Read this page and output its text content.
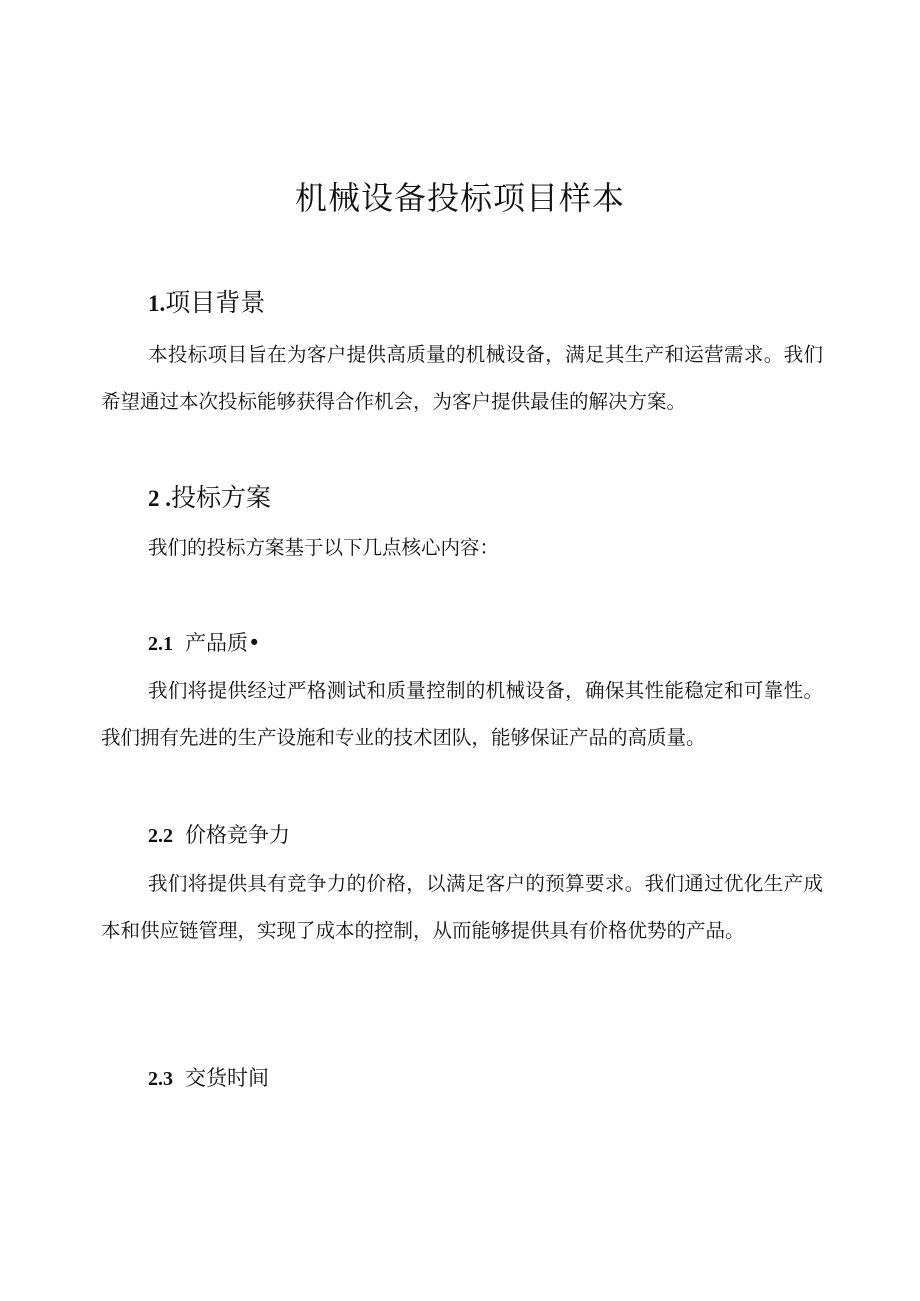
机械设备投标项目样本
1.项目背景

本投标项目旨在为客户提供高质量的机械设备，满足其生产和运营需求。我们希望通过本次投标能够获得合作机会，为客户提供最佳的解决方案。

2 .投标方案

我们的投标方案基于以下几点核心内容：

2.1 产品质•

我们将提供经过严格测试和质量控制的机械设备，确保其性能稳定和可靠性。我们拥有先进的生产设施和专业的技术团队，能够保证产品的高质量。

2.2 价格竞争力

我们将提供具有竞争力的价格，以满足客户的预算要求。我们通过优化生产成本和供应链管理，实现了成本的控制，从而能够提供具有价格优势的产品。

2.3 交货时间
